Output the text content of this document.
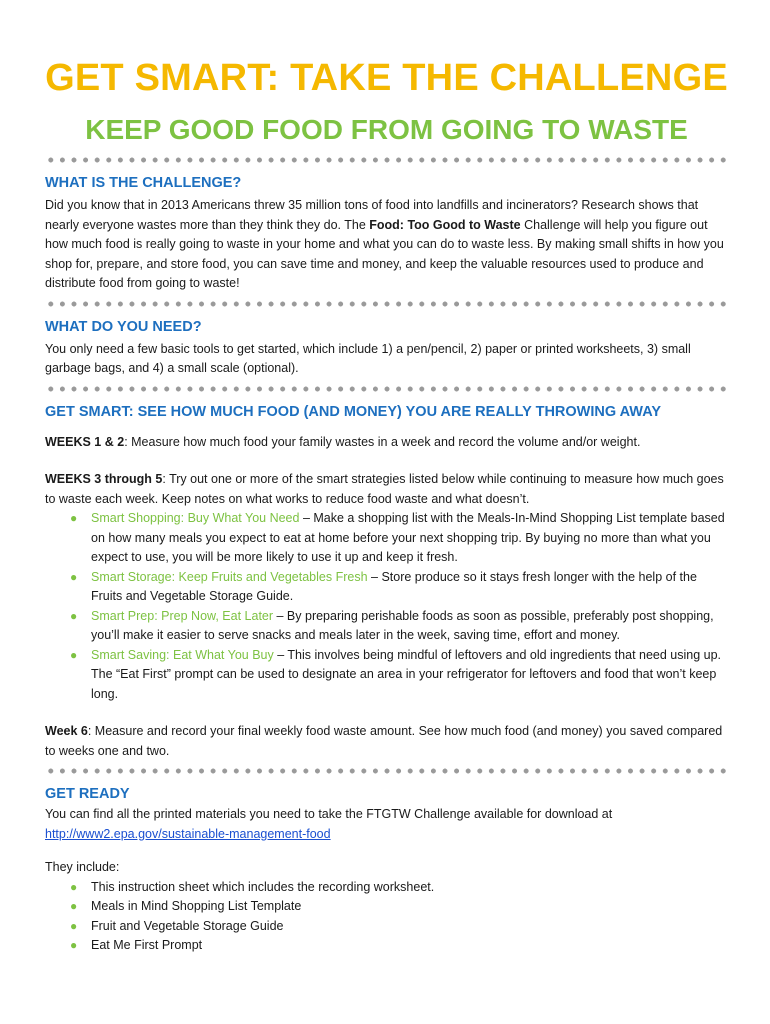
GET SMART: TAKE THE CHALLENGE
KEEP GOOD FOOD FROM GOING TO WASTE
WHAT IS THE CHALLENGE?

Did you know that in 2013 Americans threw 35 million tons of food into landfills and incinerators? Research shows that nearly everyone wastes more than they think they do. The Food: Too Good to Waste Challenge will help you figure out how much food is really going to waste in your home and what you can do to waste less. By making small shifts in how you shop for, prepare, and store food, you can save time and money, and keep the valuable resources used to produce and distribute food from going to waste!

WHAT DO YOU NEED?

You only need a few basic tools to get started, which include 1) a pen/pencil, 2) paper or printed worksheets, 3) small garbage bags, and 4) a small scale (optional).

GET SMART: SEE HOW MUCH FOOD (AND MONEY) YOU ARE REALLY THROWING AWAY

WEEKS 1 & 2: Measure how much food your family wastes in a week and record the volume and/or weight.

WEEKS 3 through 5: Try out one or more of the smart strategies listed below while continuing to measure how much goes to waste each week. Keep notes on what works to reduce food waste and what doesn’t.

● Smart Shopping: Buy What You Need – Make a shopping list with the Meals-In-Mind Shopping List template based on how many meals you expect to eat at home before your next shopping trip. By buying no more than what you expect to use, you will be more likely to use it up and keep it fresh.
● Smart Storage: Keep Fruits and Vegetables Fresh – Store produce so it stays fresh longer with the help of the Fruits and Vegetable Storage Guide.
● Smart Prep: Prep Now, Eat Later – By preparing perishable foods as soon as possible, preferably post shopping, you’ll make it easier to serve snacks and meals later in the week, saving time, effort and money.
● Smart Saving: Eat What You Buy – This involves being mindful of leftovers and old ingredients that need using up. The “Eat First” prompt can be used to designate an area in your refrigerator for leftovers and food that won’t keep long.

Week 6: Measure and record your final weekly food waste amount. See how much food (and money) you saved compared to weeks one and two.

GET READY

You can find all the printed materials you need to take the FTGTW Challenge available for download at

http://www2.epa.gov/sustainable-management-food

They include:

● This instruction sheet which includes the recording worksheet.
● Meals in Mind Shopping List Template
● Fruit and Vegetable Storage Guide
● Eat Me First Prompt
